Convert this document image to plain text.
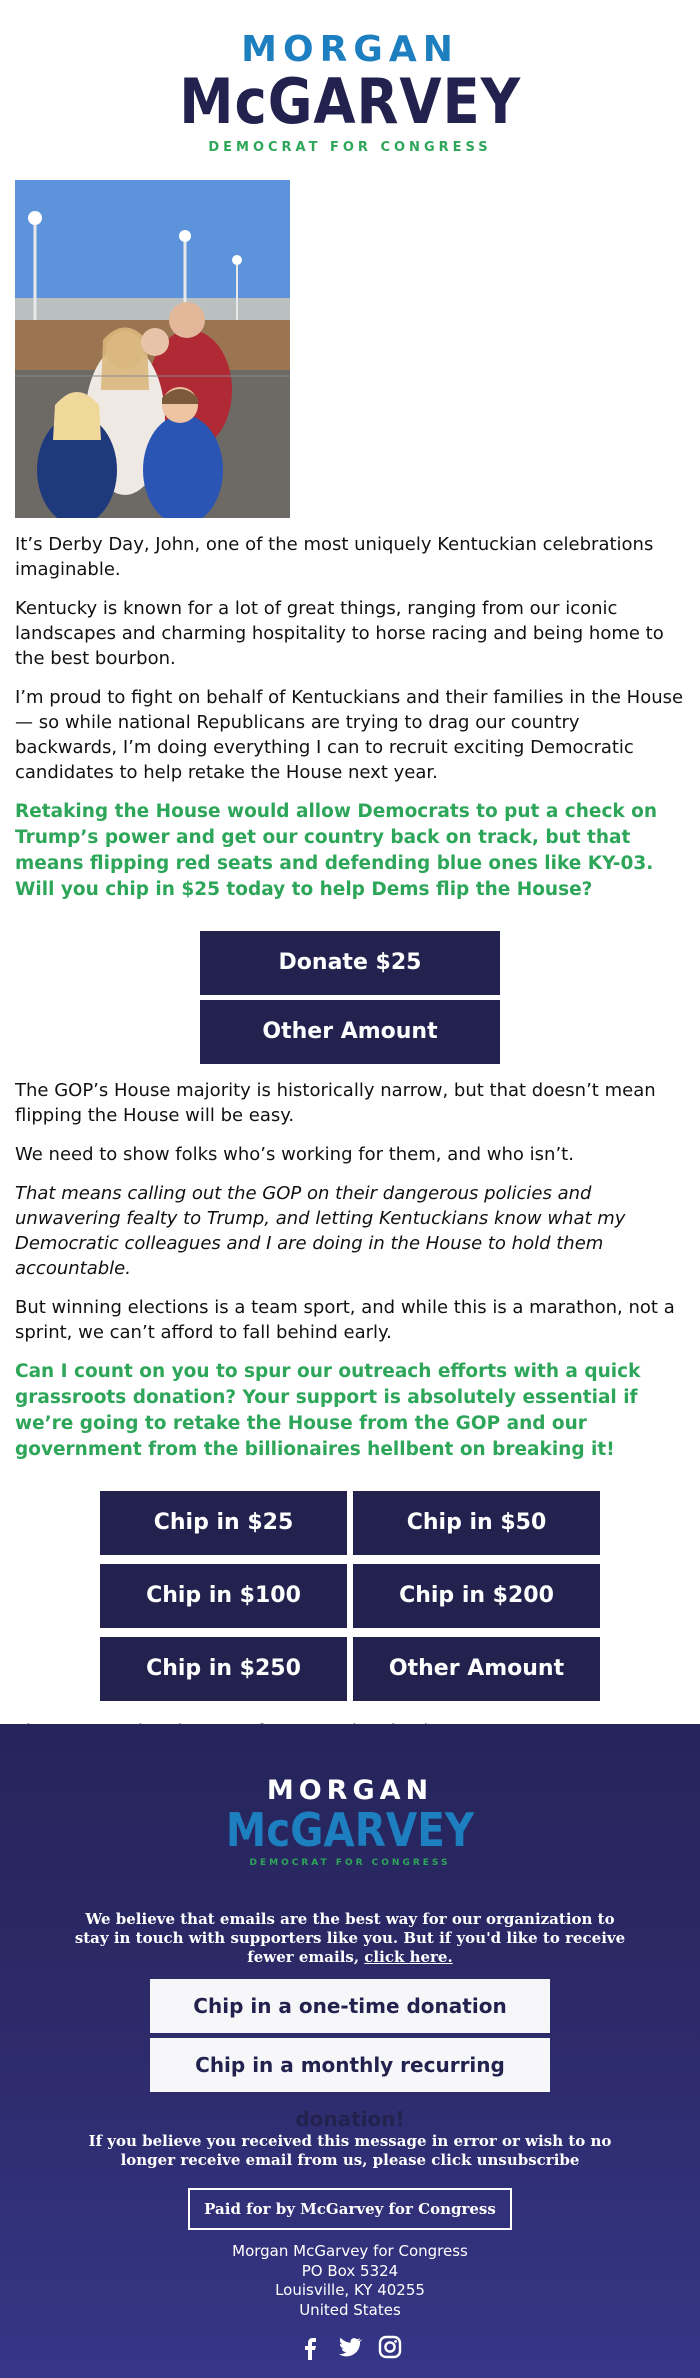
MORGAN
McGARVEY
DEMOCRAT FOR CONGRESS

It’s Derby Day, John, one of the most uniquely Kentuckian celebrations imaginable.

Kentucky is known for a lot of great things, ranging from our iconic landscapes and charming hospitality to horse racing and being home to the best bourbon.

I’m proud to fight on behalf of Kentuckians and their families in the House — so while national Republicans are trying to drag our country backwards, I’m doing everything I can to recruit exciting Democratic candidates to help retake the House next year.

Retaking the House would allow Democrats to put a check on Trump’s power and get our country back on track, but that means flipping red seats and defending blue ones like KY-03. Will you chip in $25 today to help Dems flip the House?

Donate $25
Other Amount

The GOP’s House majority is historically narrow, but that doesn’t mean flipping the House will be easy.

We need to show folks who’s working for them, and who isn’t.

That means calling out the GOP on their dangerous policies and unwavering fealty to Trump, and letting Kentuckians know what my Democratic colleagues and I are doing in the House to hold them accountable.

But winning elections is a team sport, and while this is a marathon, not a sprint, we can’t afford to fall behind early.

Can I count on you to spur our outreach efforts with a quick grassroots donation? Your support is absolutely essential if we’re going to retake the House from the GOP and our government from the billionaires hellbent on breaking it!

Chip in $25	Chip in $50
Chip in $100	Chip in $200
Chip in $250	Other Amount

MORGAN
McGARVEY
DEMOCRAT FOR CONGRESS
We believe that emails are the best way for our organization to stay in touch with supporters like you. But if you'd like to receive fewer emails, click here.
Chip in a one-time donation
Chip in a monthly recurring donation!
If you believe you received this message in error or wish to no longer receive email from us, please click unsubscribe
Paid for by McGarvey for Congress
Morgan McGarvey for Congress
PO Box 5324
Louisville, KY 40255
United States
